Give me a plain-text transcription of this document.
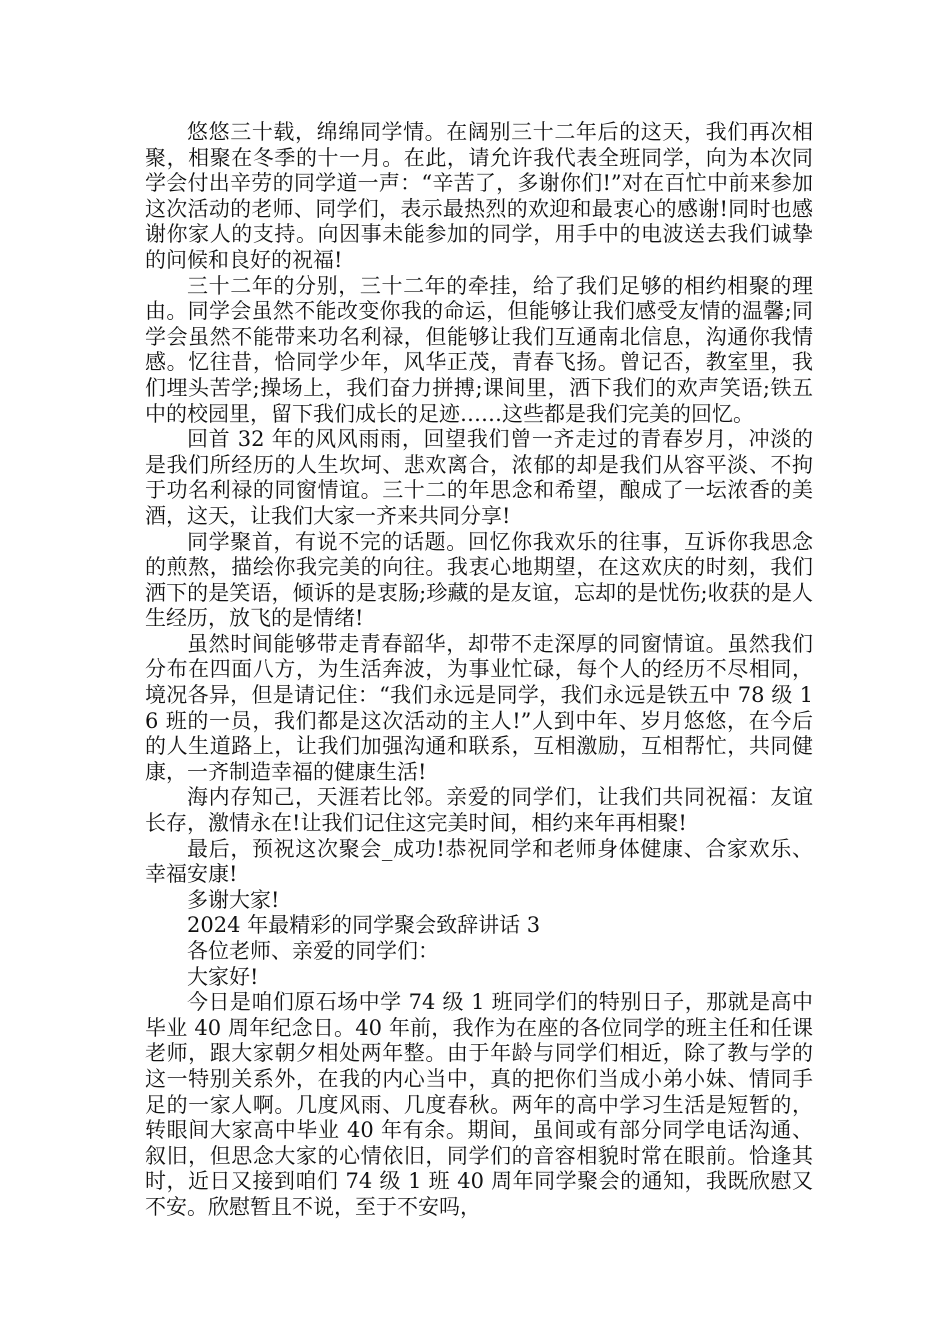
悠悠三十载，绵绵同学情。在阔别三十二年后的这天，我们再次相聚，相聚在冬季的十一月。在此，请允许我代表全班同学，向为本次同学会付出辛劳的同学道一声：“辛苦了，多谢你们!”对在百忙中前来参加这次活动的老师、同学们，表示最热烈的欢迎和最衷心的感谢!同时也感谢你家人的支持。向因事未能参加的同学，用手中的电波送去我们诚挚的问候和良好的祝福!

三十二年的分别，三十二年的牵挂，给了我们足够的相约相聚的理由。同学会虽然不能改变你我的命运，但能够让我们感受友情的温馨;同学会虽然不能带来功名利禄，但能够让我们互通南北信息，沟通你我情感。忆往昔，恰同学少年，风华正茂，青春飞扬。曾记否，教室里，我们埋头苦学;操场上，我们奋力拼搏;课间里，洒下我们的欢声笑语;铁五中的校园里，留下我们成长的足迹……这些都是我们完美的回忆。

回首 32 年的风风雨雨，回望我们曾一齐走过的青春岁月，冲淡的是我们所经历的人生坎坷、悲欢离合，浓郁的却是我们从容平淡、不拘于功名利禄的同窗情谊。三十二的年思念和希望，酿成了一坛浓香的美酒，这天，让我们大家一齐来共同分享!

同学聚首，有说不完的话题。回忆你我欢乐的往事，互诉你我思念的煎熬，描绘你我完美的向往。我衷心地期望，在这欢庆的时刻，我们洒下的是笑语，倾诉的是衷肠;珍藏的是友谊，忘却的是忧伤;收获的是人生经历，放飞的是情绪!

虽然时间能够带走青春韶华，却带不走深厚的同窗情谊。虽然我们分布在四面八方，为生活奔波，为事业忙碌，每个人的经历不尽相同，境况各异，但是请记住：“我们永远是同学，我们永远是铁五中 78 级 16 班的一员，我们都是这次活动的主人!”人到中年、岁月悠悠，在今后的人生道路上，让我们加强沟通和联系，互相激励，互相帮忙，共同健康，一齐制造幸福的健康生活!

海内存知己，天涯若比邻。亲爱的同学们，让我们共同祝福：友谊长存，激情永在!让我们记住这完美时间，相约来年再相聚!

最后，预祝这次聚会_成功!恭祝同学和老师身体健康、合家欢乐、幸福安康!

多谢大家!

2024 年最精彩的同学聚会致辞讲话 3

各位老师、亲爱的同学们：

大家好!

今日是咱们原石场中学 74 级 1 班同学们的特别日子，那就是高中毕业 40 周年纪念日。40 年前，我作为在座的各位同学的班主任和任课老师，跟大家朝夕相处两年整。由于年龄与同学们相近，除了教与学的这一特别关系外，在我的内心当中，真的把你们当成小弟小妹、情同手足的一家人啊。几度风雨、几度春秋。两年的高中学习生活是短暂的，转眼间大家高中毕业 40 年有余。期间，虽间或有部分同学电话沟通、叙旧，但思念大家的心情依旧，同学们的音容相貌时常在眼前。恰逢其时，近日又接到咱们 74 级 1 班 40 周年同学聚会的通知，我既欣慰又不安。欣慰暂且不说，至于不安吗，
